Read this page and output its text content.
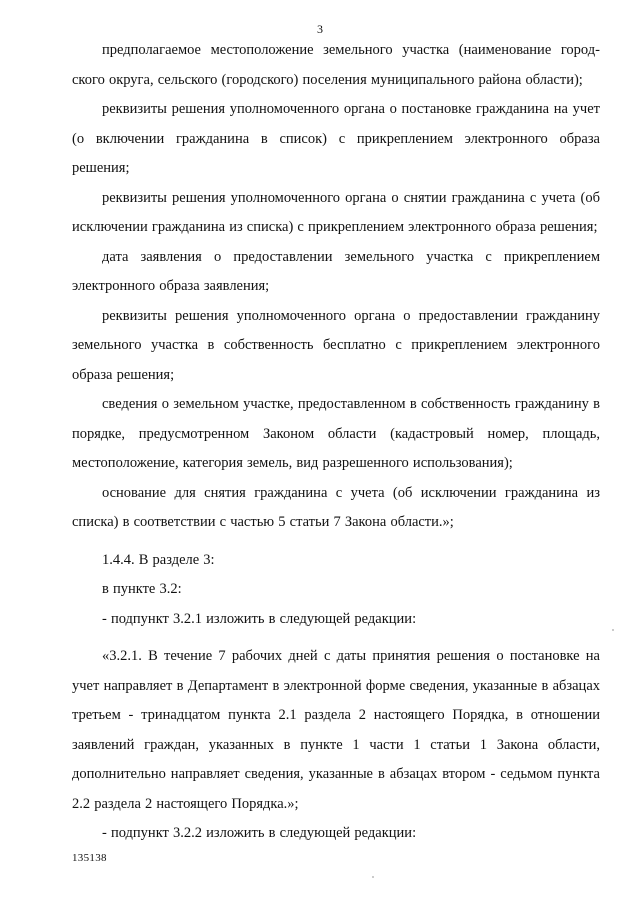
3

предполагаемое местоположение земельного участка (наименование городского округа, сельского (городского) поселения муниципального района области);

реквизиты решения уполномоченного органа о постановке гражданина на учет (о включении гражданина в список) с прикреплением электронного образа решения;

реквизиты решения уполномоченного органа о снятии гражданина с учета (об исключении гражданина из списка) с прикреплением электронного образа решения;

дата заявления о предоставлении земельного участка с прикреплением электронного образа заявления;

реквизиты решения уполномоченного органа о предоставлении гражданину земельного участка в собственность бесплатно с прикреплением электронного образа решения;

сведения о земельном участке, предоставленном в собственность гражданину в порядке, предусмотренном Законом области (кадастровый номер, площадь, местоположение, категория земель, вид разрешенного использования);

основание для снятия гражданина с учета (об исключении гражданина из списка) в соответствии с частью 5 статьи 7 Закона области.»;

1.4.4. В разделе 3:

в пункте 3.2:

- подпункт 3.2.1 изложить в следующей редакции:

«3.2.1. В течение 7 рабочих дней с даты принятия решения о постановке на учет направляет в Департамент в электронной форме сведения, указанные в абзацах третьем - тринадцатом пункта 2.1 раздела 2 настоящего Порядка, в отношении заявлений граждан, указанных в пункте 1 части 1 статьи 1 Закона области, дополнительно направляет сведения, указанные в абзацах втором - седьмом пункта 2.2 раздела 2 настоящего Порядка.»;

- подпункт 3.2.2 изложить в следующей редакции:

135138
